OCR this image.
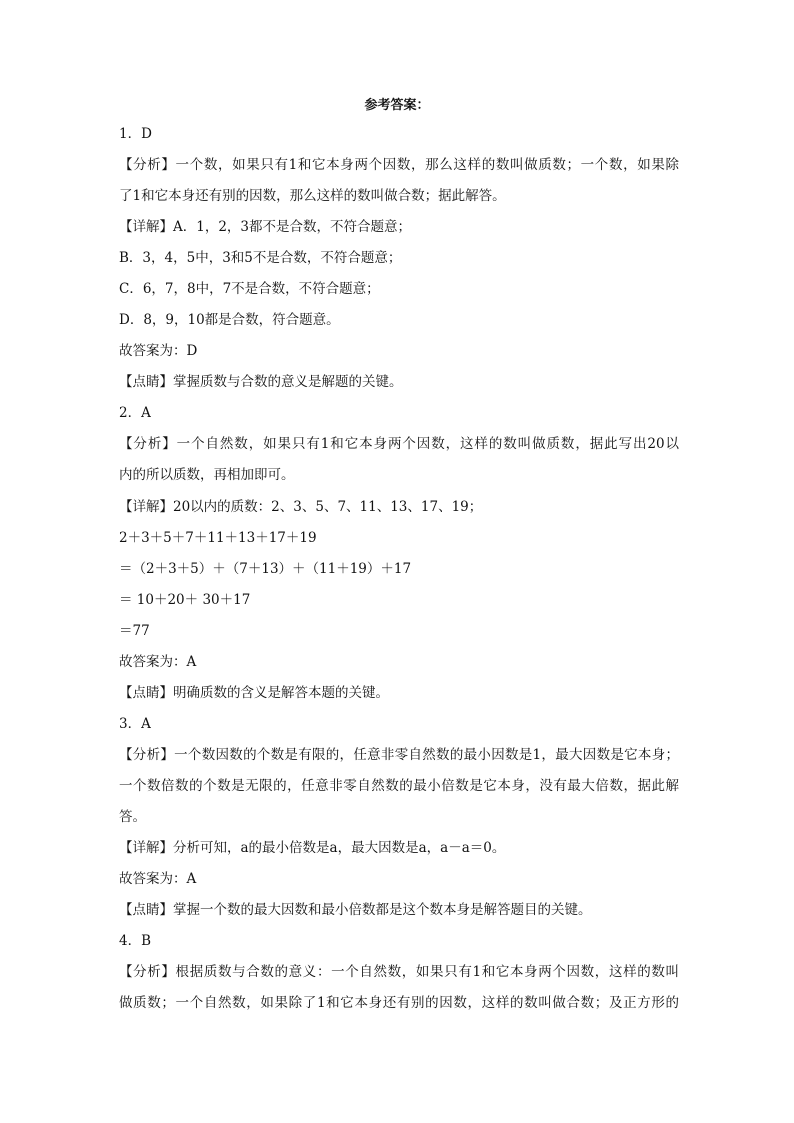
参考答案：
1．D
【分析】一个数，如果只有1和它本身两个因数，那么这样的数叫做质数；一个数，如果除
了1和它本身还有别的因数，那么这样的数叫做合数；据此解答。
【详解】A．1，2，3都不是合数，不符合题意；
B．3，4，5中，3和5不是合数，不符合题意；
C．6，7，8中，7不是合数，不符合题意；
D．8，9，10都是合数，符合题意。
故答案为：D
【点睛】掌握质数与合数的意义是解题的关键。
2．A
【分析】一个自然数，如果只有1和它本身两个因数，这样的数叫做质数，据此写出20以
内的所以质数，再相加即可。
【详解】20以内的质数：2、3、5、7、11、13、17、19；
2＋3＋5＋7＋11＋13＋17＋19
＝（2＋3＋5）＋（7＋13）＋（11＋19）＋17
＝ 10＋20＋ 30＋17
＝77
故答案为：A
【点睛】明确质数的含义是解答本题的关键。
3．A
【分析】一个数因数的个数是有限的，任意非零自然数的最小因数是1，最大因数是它本身；
一个数倍数的个数是无限的，任意非零自然数的最小倍数是它本身，没有最大倍数，据此解
答。
【详解】分析可知，a的最小倍数是a，最大因数是a，a－a＝0。
故答案为：A
【点睛】掌握一个数的最大因数和最小倍数都是这个数本身是解答题目的关键。
4．B
【分析】根据质数与合数的意义：一个自然数，如果只有1和它本身两个因数，这样的数叫
做质数；一个自然数，如果除了1和它本身还有别的因数，这样的数叫做合数；及正方形的
